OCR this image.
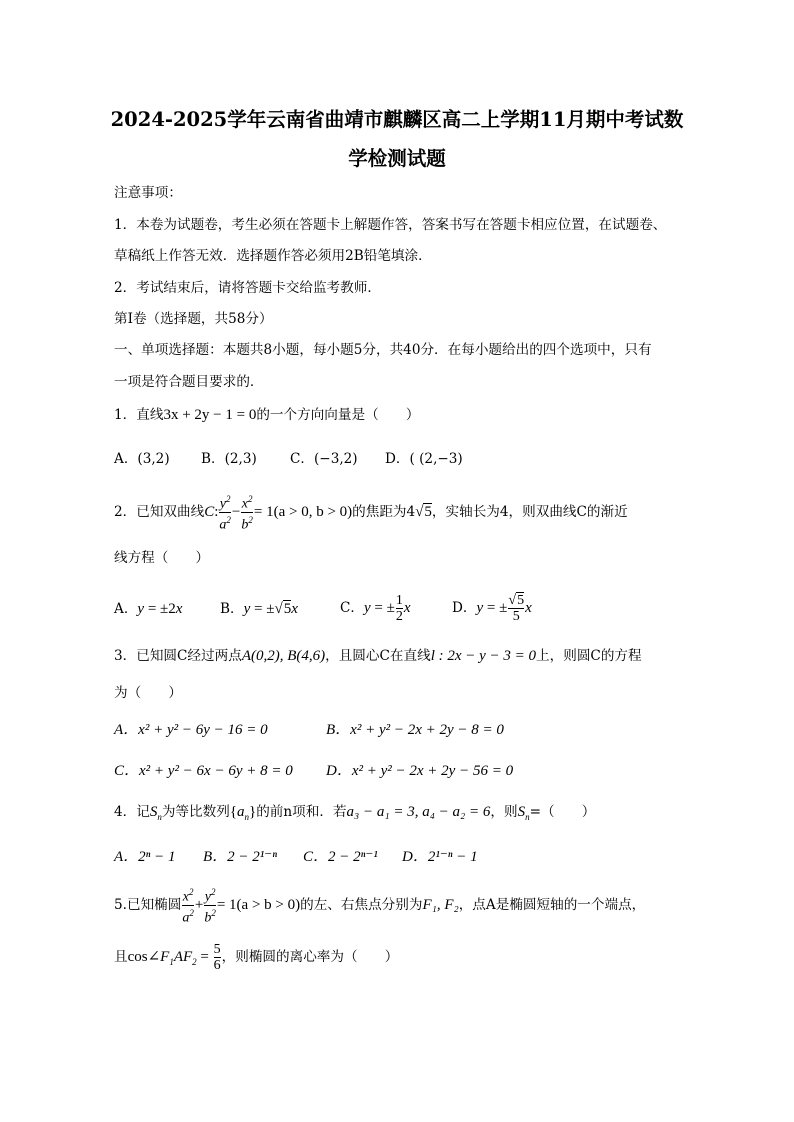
2024-2025学年云南省曲靖市麒麟区高二上学期11月期中考试数
学检测试题
注意事项：
1．本卷为试题卷，考生必须在答题卡上解题作答，答案书写在答题卡相应位置，在试题卷、
草稿纸上作答无效．选择题作答必须用2B铅笔填涂．
2．考试结束后，请将答题卡交给监考教师．
第Ⅰ卷（选择题，共58分）
一、单项选择题：本题共8小题，每小题5分，共40分．在每小题给出的四个选项中，只有
一项是符合题目要求的．
1．直线3x + 2y − 1 = 0的一个方向向量是（　　）
A．(3,2) B．(2,3) C．(−3,2) D．( (2,−3)
2．已知双曲线C: $\frac{y^2}{a^2} - \frac{x^2}{b^2} = 1(a > 0$, b > 0)的焦距为4√5，实轴长为4，则双曲线C的渐近
线方程（　　）
A．y = ±2x	B．y = ±√5x	C．y = ± $\frac{1}{2}$ x	D．y = ± $\frac{√5}{5}$ x
3．已知圆C经过两点A(0,2), B(4,6)，且圆心C在直线l : 2x − y − 3 = 0上，则圆C的方程
为（　　）
A．x² + y² − 6y − 16 = 0	B．x² + y² − 2x + 2y − 8 = 0
C．x² + y² − 6x − 6y + 8 = 0 D．x² + y² − 2x + 2y − 56 = 0
4．记$S_n$为等比数列$\{a_n\}$的前n项和．若a₃ − a₁ = 3, a₄ − a₂ = 6，则$S_n=$（　　）
A．2ⁿ − 1 B．2 − 2¹⁻ⁿ C．2 − 2ⁿ⁻¹ D．2¹⁻ⁿ − 1
5.已知椭圆 $\frac{x^2}{a^2} + \frac{y^2}{b^2} = 1(a > b > 0)$的左、右焦点分别为F₁, F₂，点A是椭圆短轴的一个端点，
且$\cos\angle F_1AF_2 = \frac{5}{6}$ ，则椭圆的离心率为（　　）
